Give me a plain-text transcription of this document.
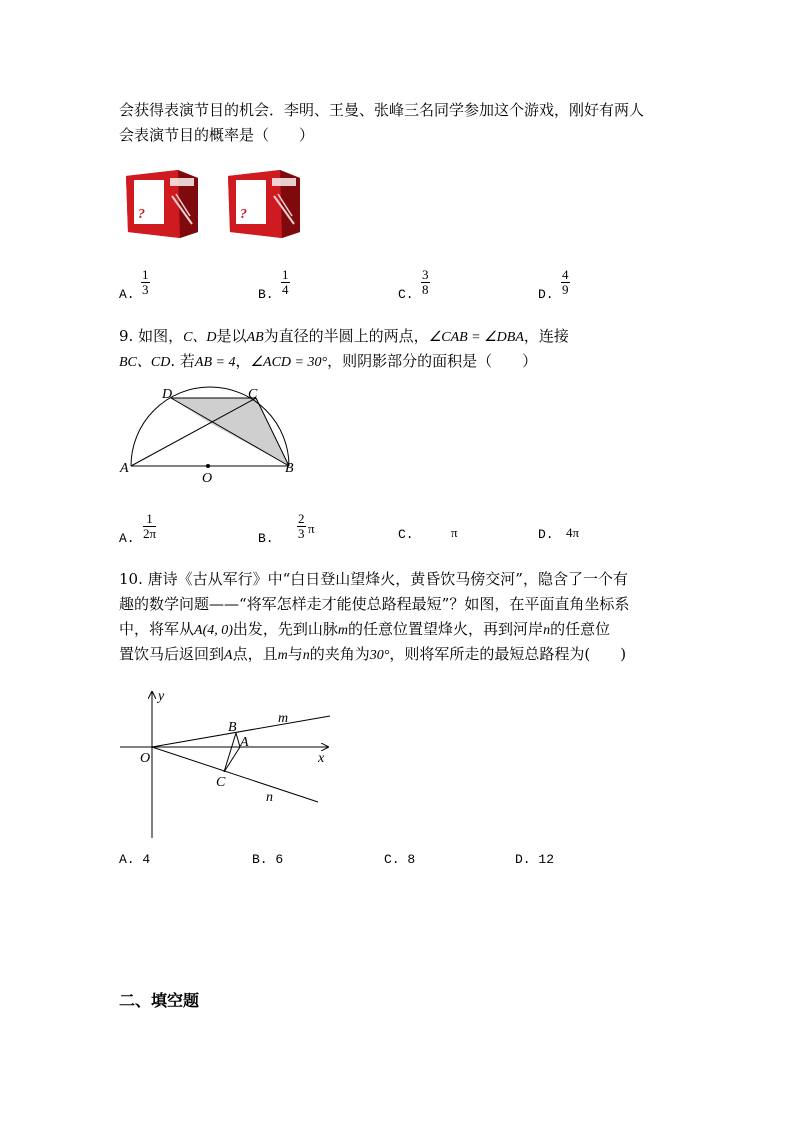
会获得表演节目的机会．李明、王曼、张峰三名同学参加这个游戏，刚好有两人
会表演节目的概率是（　　）
?	?
A. $\frac{1}{3}$	B. $\frac{1}{4}$	C. $\frac{3}{8}$	D. $\frac{4}{9}$
9. 如图，C、D是以AB为直径的半圆上的两点，∠CAB = ∠DBA，连接
BC、CD. 若AB = 4，∠ACD = 30°，则阴影部分的面积是（　　）
A	B
C
D
O
A. $\frac{1}{2\pi}$	B. $\frac{2}{3}$ π	C.	π	D. 4π
10. 唐诗《古从军行》中“白日登山望烽火，黄昏饮马傍交河”，隐含了一个有
趣的数学问题——“将军怎样走才能使总路程最短”？如图，在平面直角坐标系
中，将军从A(4, 0)出发，先到山脉m的任意位置望烽火，再到河岸n的任意位
置饮马后返回到A点，且m与n的夹角为30°，则将军所走的最短总路程为(　　)
y
x
O
A
B
C
m
n
A. 4	B. 6	C. 8	D. 12
二、填空题
